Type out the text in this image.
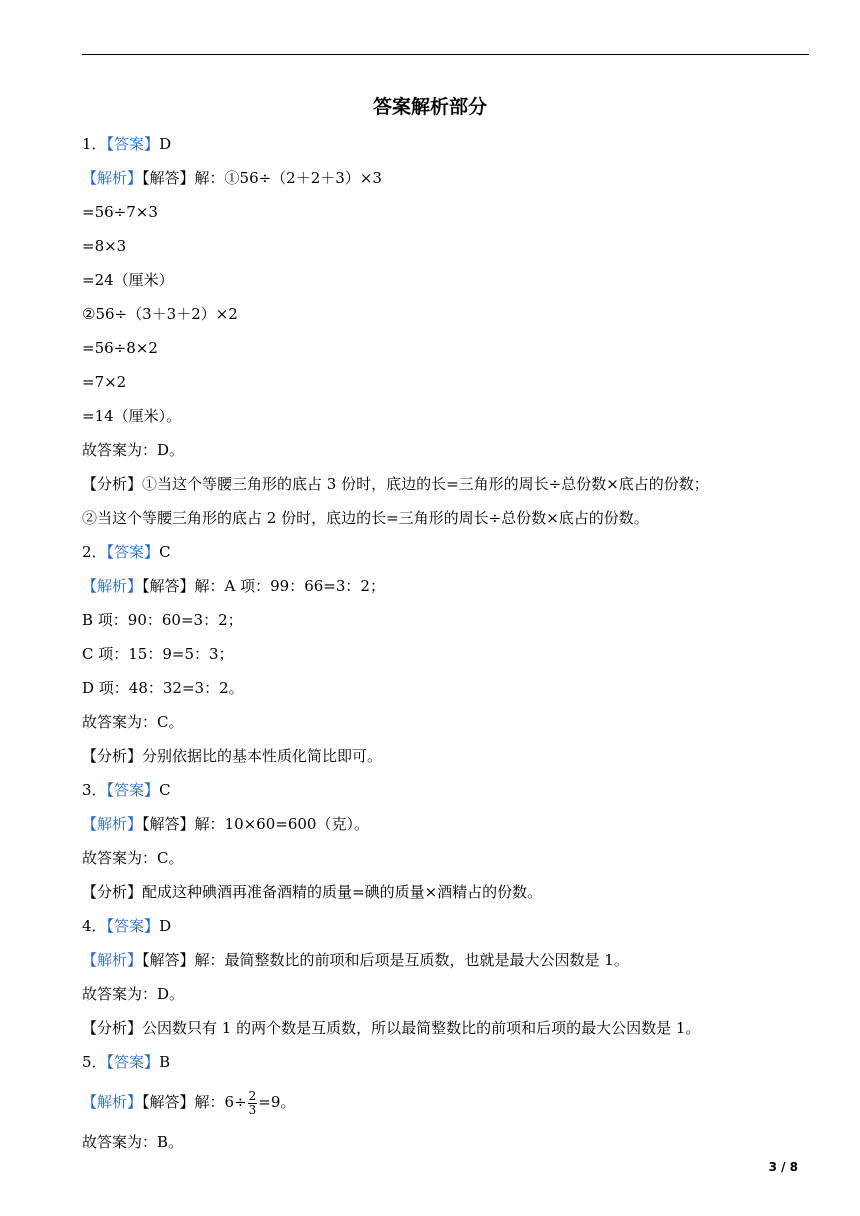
答案解析部分
1．【答案】D
【解析】【解答】解：①56÷（2＋2＋3）×3
=56÷7×3
=8×3
=24（厘米）
②56÷（3＋3＋2）×2
=56÷8×2
=7×2
=14（厘米）。
故答案为：D。
【分析】①当这个等腰三角形的底占 3 份时，底边的长=三角形的周长÷总份数×底占的份数；
②当这个等腰三角形的底占 2 份时，底边的长=三角形的周长÷总份数×底占的份数。
2．【答案】C
【解析】【解答】解：A 项：99：66=3：2；
B 项：90：60=3：2；
C 项：15：9=5：3；
D 项：48：32=3：2。
故答案为：C。
【分析】分别依据比的基本性质化简比即可。
3．【答案】C
【解析】【解答】解：10×60=600（克）。
故答案为：C。
【分析】配成这种碘酒再准备酒精的质量=碘的质量×酒精占的份数。
4．【答案】D
【解析】【解答】解：最简整数比的前项和后项是互质数，也就是最大公因数是 1。
故答案为：D。
【分析】公因数只有 1 的两个数是互质数，所以最简整数比的前项和后项的最大公因数是 1。
5．【答案】B
【解析】【解答】解：$6\div \frac{2}{3} =9$。
故答案为：B。
3 / 8
